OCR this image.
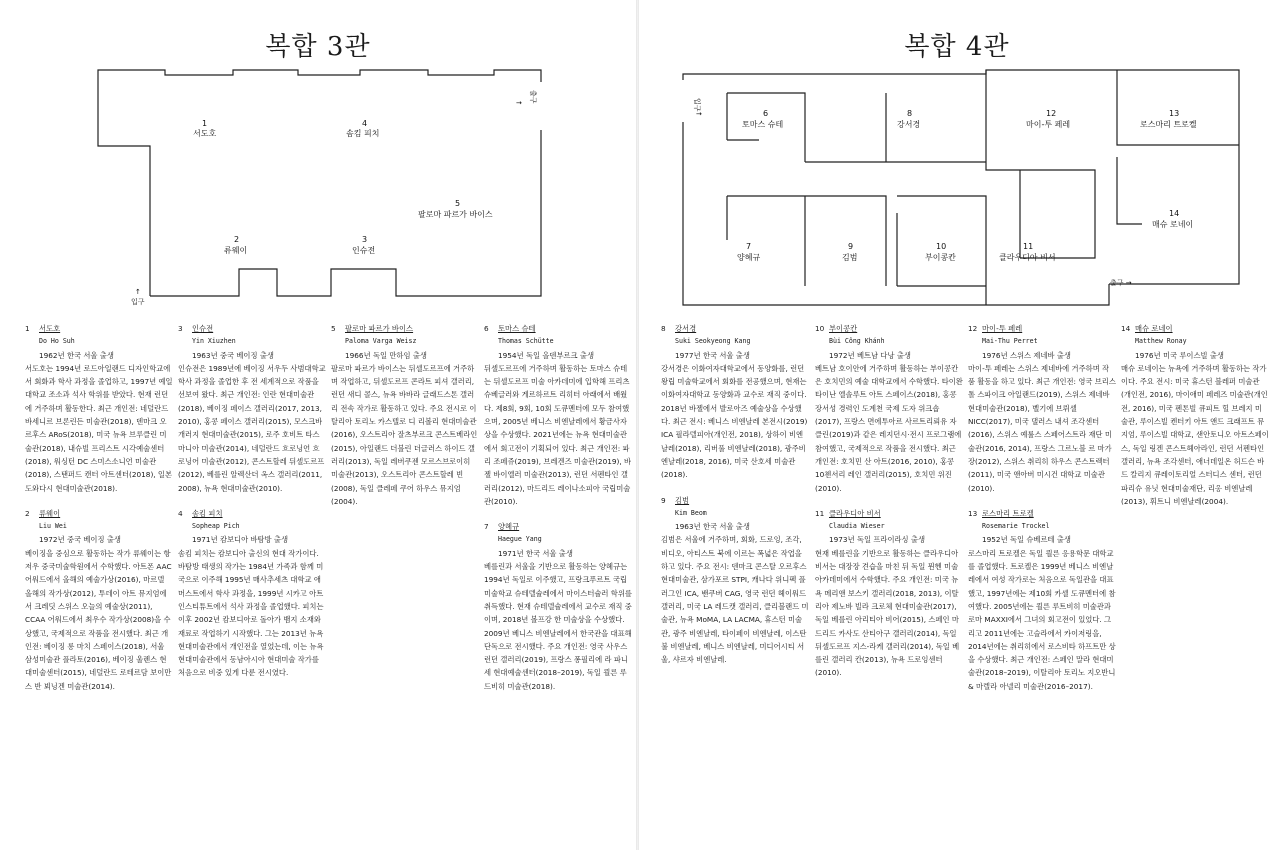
복합 3관
→ 출구
↑
입구
1
서도호
4
솜킴 피치
5
팔로마 파르가 바이스
2
류웨이
3
인슈전
1	서도호
Do Ho Suh
1962년 한국 서울 출생
서도호는 1994년 로드아일랜드 디자인학교에서 회화과 학사 과정을 졸업하고, 1997년 예일 대학교 조소과 석사 학위를 받았다. 현재 런던에 거주하며 활동한다. 최근 개인전: 네덜란드 바세니르 브론린든 미술관(2018), 덴마크 오르후스 ARoS(2018), 미국 뉴욕 브루클린 미술관(2018), 내슈빌 프리스트 시각예술센터(2018), 워싱턴 DC 스미스소니언 미술관(2018), 스탠퍼드 캔터 아트센터(2018), 일본 도와다시 현대미술관(2018).
2	류웨이
Liu Wei
1972년 중국 베이징 출생
베이징을 중심으로 활동하는 작가 류웨이는 항저우 중국미술학원에서 수학했다. 아트폰 AAC 어워드에서 올해의 예술가상(2016), 마르델 올해의 작가상(2012), 투데이 아트 뮤지엄에서 크레딧 스위스 오늘의 예술상(2011), CCAA 어워드에서 최우수 작가상(2008)을 수상했고, 국제적으로 작품을 전시했다. 최근 개인전: 베이징 롱 마치 스페이스(2018), 서울 삼성미술관 플라토(2016), 베이징 울렌스 현대미술센터(2015), 네덜란드 로테르담 보이만스 반 뵈닝겐 미술관(2014).
3	인슈전
Yin Xiuzhen
1963년 중국 베이징 출생
인슈전은 1989년에 베이징 서우두 사범대학교 학사 과정을 졸업한 후 전 세계적으로 작품을 선보여 왔다. 최근 개인전: 인란 현대미술관(2018), 베이징 페이스 갤러리(2017, 2013, 2010), 홍콩 페이스 갤러리(2015), 모스크바 개러지 현대미술관(2015), 로주 호비트 타스마니아 미술관(2014), 네덜란드 흐로닝언 흐로닝어 미술관(2012), 콘스트할레 뒤셀도르프(2012), 베를린 알렉산더 옥스 갤러리(2011, 2008), 뉴욕 현대미술관(2010).
4	솜킴 피치
Sopheap Pich
1971년 캄보디아 바탐방 출생
솜킴 피치는 캄보디아 출신의 현대 작가이다. 바탐방 태생의 작가는 1984년 가족과 함께 미국으로 이주해 1995년 매사추세츠 대학교 애머스트에서 학사 과정을, 1999년 시카고 아트 인스티튜트에서 석사 과정을 졸업했다. 피치는 이후 2002년 캄보디아로 돌아가 뱀지 소재와 재료로 작업하기 시작했다. 그는 2013년 뉴욕 현대미술관에서 개인전을 열었는데, 이는 뉴욕 현대미술관에서 동남아시아 현대미술 작가를 처음으로 비중 있게 다룬 전시였다.
5	팔로마 파르가 바이스
Paloma Varga Weisz
1966년 독일 만하임 출생
팔로마 파르가 바이스는 뒤셀도르프에 거주하며 작업하고, 뒤셀도르프 콘라트 피셔 갤러리, 런던 새디 콜스, 뉴욕 바바라 글래드스톤 갤러리 전속 작가로 활동하고 있다. 주요 전시로 이탈리아 토리노 카스텔로 디 리볼리 현대미술관(2016), 오스트리아 잘츠부르크 콘스트베라인(2015), 아일랜드 더블린 더글러스 하이드 갤러리(2013), 독일 레버쿠젠 모르스브로이히 미술관(2013), 오스트리아 콘스트할레 빈(2008), 독일 클레페 쿠어 하우스 뮤지엄(2004).
6	토마스 슈테
Thomas Schütte
1954년 독일 올덴부르크 출생
뒤셀도르프에 거주하며 활동하는 토마스 슈테는 뒤셀도르프 미술 아카데미에 입학해 프리츠 슈베글러와 게르하르트 리히터 아래에서 배웠다. 제8회, 9회, 10회 도큐멘터에 모두 참여했으며, 2005년 베니스 비엔날레에서 황금사자상을 수상했다. 2021년에는 뉴욕 현대미술관에서 회고전이 기획되어 있다. 최근 개인전: 파리 조페쥬(2019), 브레겐즈 미술관(2019), 바젤 바이엘러 미술관(2013), 런던 서펜타인 갤러리(2012), 마드리드 레이나소피아 국립미술관(2010).
7	양혜규
Haegue Yang
1971년 한국 서울 출생
베를린과 서울을 기반으로 활동하는 양혜규는 1994년 독일로 이주했고, 프랑크푸르트 국립미술학교 슈테델슐레에서 마이스터슐러 학위를 취득했다. 현재 슈테델슐레에서 교수로 재직 중이며, 2018년 볼프강 한 미술상을 수상했다. 2009년 베니스 비엔날레에서 한국관을 대표해 단독으로 전시했다. 주요 개인전: 영국 사우스 런던 갤러리(2019), 프랑스 퐁필리에 라 파니세 현대예술센터(2018–2019), 독일 쾰른 루드비히 미술관(2018).
복합 4관
입구
→
출구 →
6
토마스 슈테
8
강서경
12
마이-투 페레
13
로스마리 트로켈
14
매슈 로네이
7
양혜규
9
김범
10
부이콩칸
11
클라우디아 비서
8	강서경
Suki Seokyeong Kang
1977년 한국 서울 출생
강서경은 이화여자대학교에서 동양화를, 런던 왕립 미술학교에서 회화를 전공했으며, 현재는 이화여자대학교 동양화과 교수로 재직 중이다. 2018년 바젤에서 발로아즈 예술상을 수상했다. 최근 전시: 베니스 비엔날레 본전시(2019) ICA 필라델피아(개인전, 2018), 상하이 비엔날레(2018), 리버풀 비엔날레(2018), 광주비엔날레(2018, 2016), 미국 산호세 미술관(2018).
9	김범
Kim Beom
1963년 한국 서울 출생
김범은 서울에 거주하며, 회화, 드로잉, 조각, 비디오, 아티스트 북에 이르는 폭넓은 작업을 하고 있다. 주요 전시: 덴마크 콘스탈 오르후스 현대미술관, 삼가포르 STPI, 캐나다 위니펙 플러그인 ICA, 밴쿠버 CAG, 영국 런던 헤이워드 갤러리, 미국 LA 레드캣 갤러리, 클리블랜드 미술관, 뉴욕 MoMA, LA LACMA, 휴스턴 미술관, 광주 비엔날레, 타이페이 비엔날레, 이스탄불 비엔날레, 베니스 비엔날레, 미디어시티 서울, 샤르자 비엔날레.
10 부이콩칸
Bùi Công Khánh
1972년 베트남 다낭 출생
베트남 호이안에 거주하며 활동하는 부이콩칸은 호치민의 예술 대학교에서 수학했다. 타이완 타이난 엘솔루트 아트 스페이스(2018), 홍콩 장서성 경력인 도계천 국제 도자 위크숍(2017), 프랑스 면에투아르 사르트리뢰유 자클린(2019)과 같은 레지던시·전시 프로그램에 참여했고, 국제적으로 작품을 전시했다. 최근 개인전: 호치민 산 아트(2016, 2010), 홍콩 10첸서리 레인 갤러리(2015), 호치민 위진(2010).
11 클라우디아 비서
Claudia Wieser
1973년 독일 프라이라싱 출생
현재 베를린을 기반으로 활동하는 클라우디아 비서는 대장장 견습을 마친 뒤 독일 뮌헨 미술 아카데미에서 수학했다. 주요 개인전: 미국 뉴욕 메리앤 보스키 갤러리(2018, 2013), 이탈리아 제노바 빌라 크로체 현대미술관(2017), 독일 베를린 아리티아 비어(2015), 스페인 마드리드 카사도 산티아구 갤러리(2014), 독일 뒤셀도르프 지스-라케 갤러리(2014), 독일 베를린 갤러리 칸(2013), 뉴욕 드로잉센터(2010).
12 마이-투 페레
Mai-Thu Perret
1976년 스위스 제네바 출생
마이-투 페레는 스위스 제네바에 거주하며 작품 활동을 하고 있다. 최근 개인전: 영국 브리스톨 스파이크 아일랜드(2019), 스위스 제네바 현대미술관(2018), 벨기에 브뤼셀 NICC(2017), 미국 댈러스 내셔 조각센터(2016), 스위스 예룰스 스페어스트라 재단 미술관(2016, 2014), 프랑스 그르노블 르 마가장(2012), 스위스 취리히 하우스 콘스트렉터(2011), 미국 앤아버 미시건 대학교 미술관(2010).
13 로스마리 트로켈
Rosemarie Trockel
1952년 독일 슈베르테 출생
로스마리 트로켈은 독일 쾰른 응용학문 대학교를 졸업했다. 트로켈은 1999년 베니스 비엔날레에서 여성 작가로는 처음으로 독일관을 대표했고, 1997년에는 제10회 카셀 도큐멘터에 참여했다. 2005년에는 쾰른 루트비히 미술관과 로마 MAXXI에서 그녀의 회고전이 있었다. 그리고 2011년에는 고슬라에서 카이저링을, 2014년에는 취리히에서 로스비타 하프트만 상을 수상했다. 최근 개인전: 스페인 말라 현대미술관(2018–2019), 이탈리아 토리노 지오반니 & 마렐라 아넬리 미술관(2016–2017).
14 매슈 로네이
Matthew Ronay
1976년 미국 루이스빌 출생
매슈 로네이는 뉴욕에 거주하며 활동하는 작가이다. 주요 전시: 미국 휴스턴 블레퍼 미술관(개인전, 2016), 마이애미 페레즈 미술관(개인전, 2016), 미국 펜톤빌 큐피트 힐 브레지 미술관, 루이스빌 켄터키 아트 앤드 크래프트 뮤지엄, 루이스빌 대학교, 샌안토니오 아트스페이스, 독일 링겐 콘스트헤아라인, 런던 서펜타인 갤러리, 뉴욕 조각센터, 애너데일온 허드슨 바드 칼리지 큐레이토리얼 스터디스 센터, 런던 파리슈 유닛 현대미술재단, 리옹 비엔날레(2013), 휘트니 비엔날레(2004).
